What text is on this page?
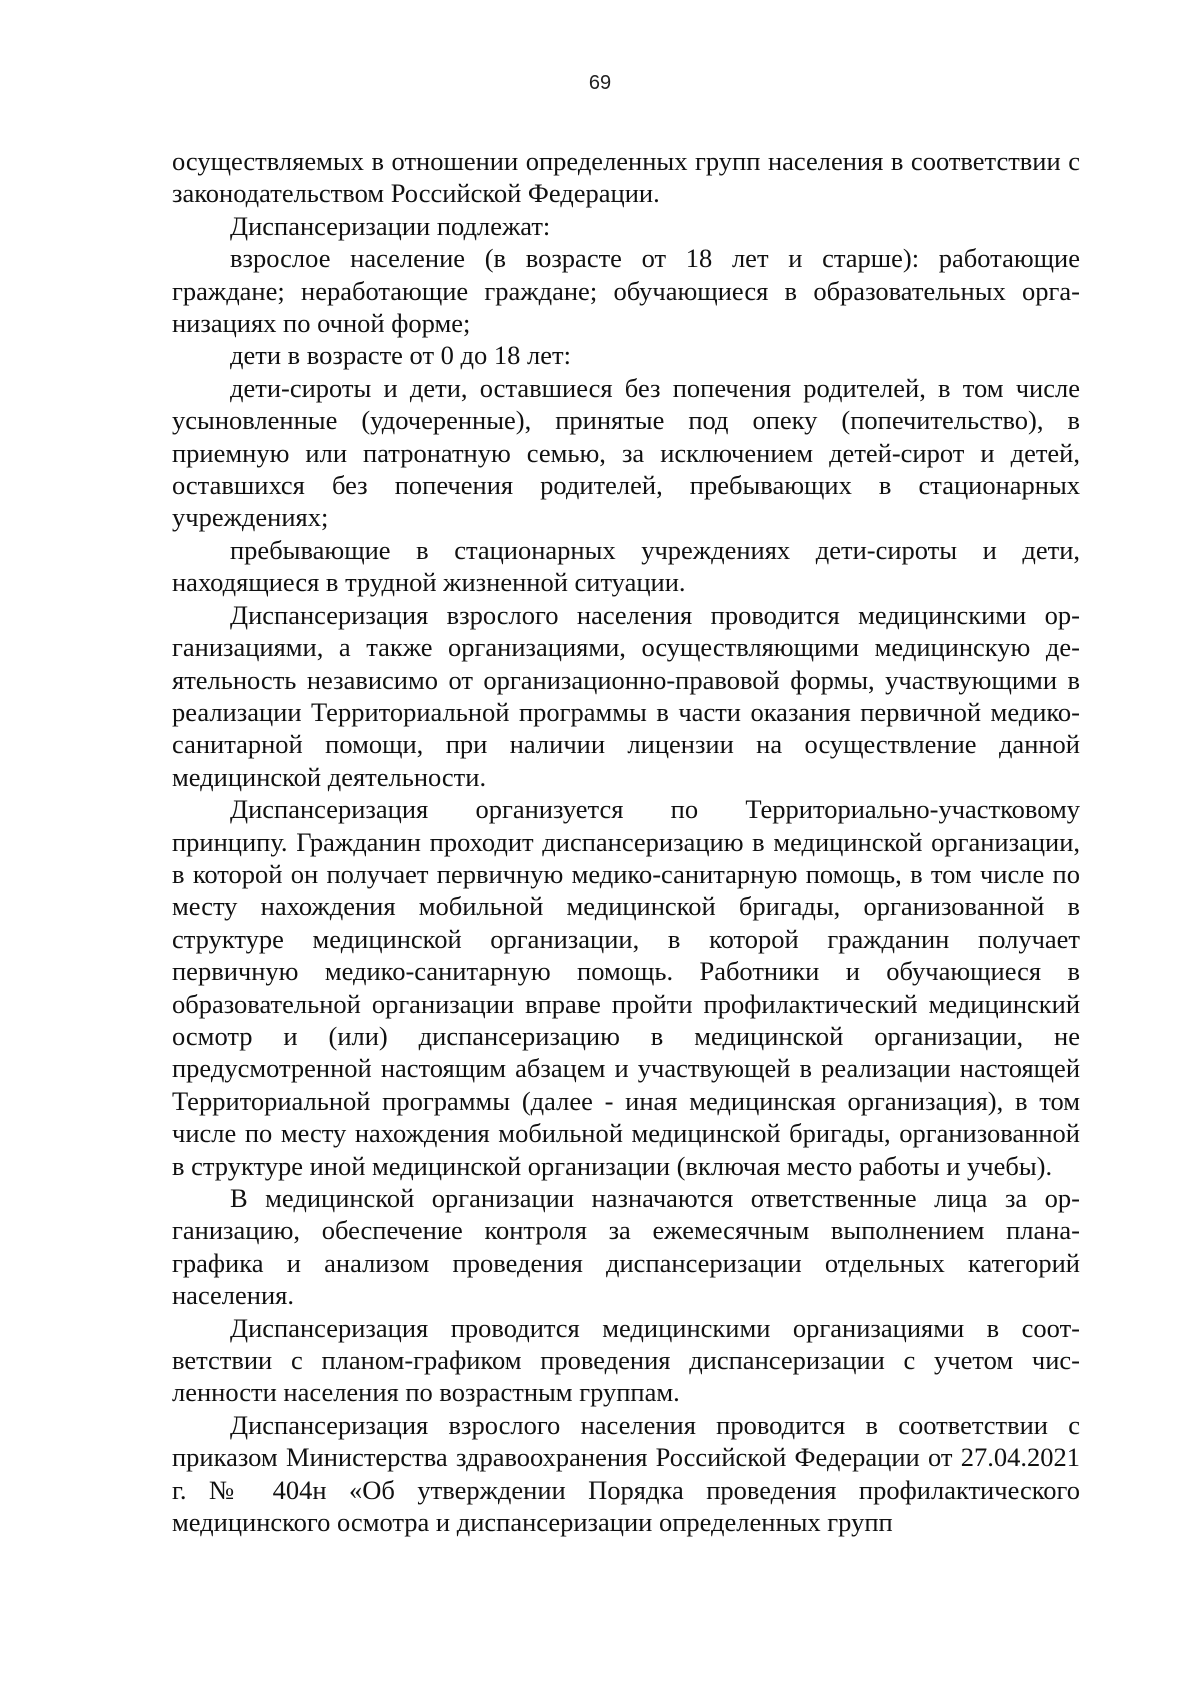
69

осуществляемых в отношении определенных групп населения в соответствии с законодательством Российской Федерации.

Диспансеризации подлежат:

взрослое население (в возрасте от 18 лет и старше): работающие граждане; неработающие граждане; обучающиеся в образовательных организациях по очной форме;

дети в возрасте от 0 до 18 лет:

дети-сироты и дети, оставшиеся без попечения родителей, в том числе усыновленные (удочеренные), принятые под опеку (попечительство), в приемную или патронатную семью, за исключением детей-сирот и детей, оставшихся без попечения родителей, пребывающих в стационарных учреждениях;

пребывающие в стационарных учреждениях дети-сироты и дети, находящиеся в трудной жизненной ситуации.

Диспансеризация взрослого населения проводится медицинскими организациями, а также организациями, осуществляющими медицинскую деятельность независимо от организационно-правовой формы, участвующими в реализации Территориальной программы в части оказания первичной медико-санитарной помощи, при наличии лицензии на осуществление данной медицинской деятельности.

Диспансеризация организуется по Территориально-участковому принципу. Гражданин проходит диспансеризацию в медицинской организации, в которой он получает первичную медико-санитарную помощь, в том числе по месту нахождения мобильной медицинской бригады, организованной в структуре медицинской организации, в которой гражданин получает первичную медико-санитарную помощь. Работники и обучающиеся в образовательной организации вправе пройти профилактический медицинский осмотр и (или) диспансеризацию в медицинской организации, не предусмотренной настоящим абзацем и участвующей в реализации настоящей Территориальной программы (далее - иная медицинская организация), в том числе по месту нахождения мобильной медицинской бригады, организованной в структуре иной медицинской организации (включая место работы и учебы).

В медицинской организации назначаются ответственные лица за организацию, обеспечение контроля за ежемесячным выполнением плана-графика и анализом проведения диспансеризации отдельных категорий населения.

Диспансеризация проводится медицинскими организациями в соответствии с планом-графиком проведения диспансеризации с учетом численности населения по возрастным группам.

Диспансеризация взрослого населения проводится в соответствии с приказом Министерства здравоохранения Российской Федерации от 27.04.2021 г. № 404н «Об утверждении Порядка проведения профилактического медицинского осмотра и диспансеризации определенных групп
